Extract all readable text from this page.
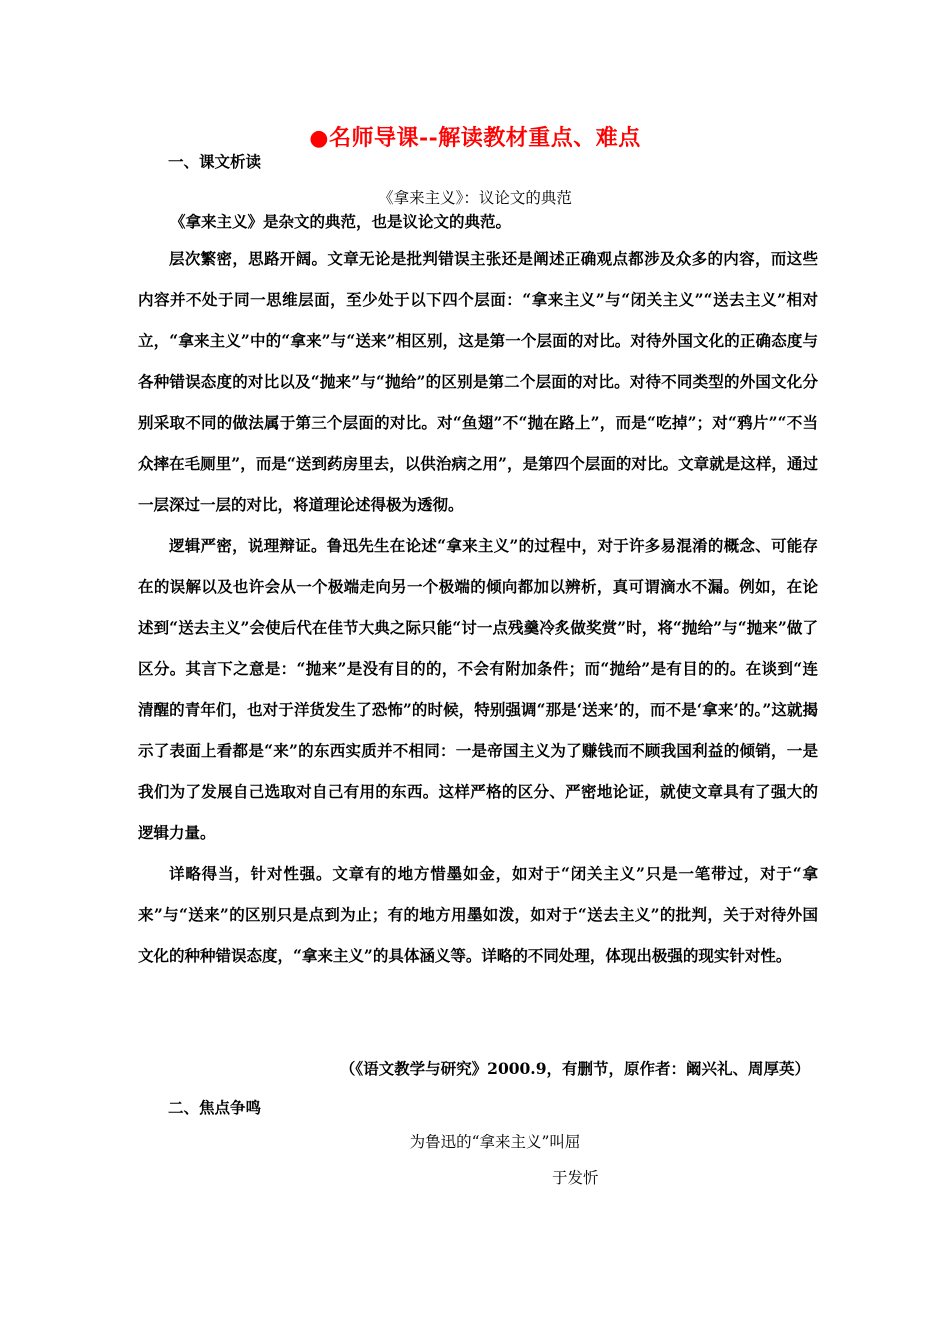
●名师导课--解读教材重点、难点
一、课文析读
《拿来主义》：议论文的典范
《拿来主义》是杂文的典范，也是议论文的典范。

层次繁密，思路开阔。文章无论是批判错误主张还是阐述正确观点都涉及众多的内容，而这些内容并不处于同一思维层面，至少处于以下四个层面：“拿来主义”与“闭关主义”“送去主义”相对立，“拿来主义”中的“拿来”与“送来”相区别，这是第一个层面的对比。对待外国文化的正确态度与各种错误态度的对比以及“抛来”与“抛给”的区别是第二个层面的对比。对待不同类型的外国文化分别采取不同的做法属于第三个层面的对比。对“鱼翅”不“抛在路上”，而是“吃掉”；对“鸦片”“不当众摔在毛厕里”，而是“送到药房里去，以供治病之用”，是第四个层面的对比。文章就是这样，通过一层深过一层的对比，将道理论述得极为透彻。

逻辑严密，说理辩证。鲁迅先生在论述“拿来主义”的过程中，对于许多易混淆的概念、可能存在的误解以及也许会从一个极端走向另一个极端的倾向都加以辨析，真可谓滴水不漏。例如，在论述到“送去主义”会使后代在佳节大典之际只能“讨一点残羹冷炙做奖赏”时，将“抛给”与“抛来”做了区分。其言下之意是：“抛来”是没有目的的，不会有附加条件；而“抛给”是有目的的。在谈到“连清醒的青年们，也对于洋货发生了恐怖”的时候，特别强调“那是‘送来’的，而不是‘拿来’的。”这就揭示了表面上看都是“来”的东西实质并不相同：一是帝国主义为了赚钱而不顾我国利益的倾销，一是我们为了发展自己选取对自己有用的东西。这样严格的区分、严密地论证，就使文章具有了强大的逻辑力量。

详略得当，针对性强。文章有的地方惜墨如金，如对于“闭关主义”只是一笔带过，对于“拿来”与“送来”的区别只是点到为止；有的地方用墨如泼，如对于“送去主义”的批判，关于对待外国文化的种种错误态度，“拿来主义”的具体涵义等。详略的不同处理，体现出极强的现实针对性。

（《语文教学与研究》2000.9，有删节，原作者：阚兴礼、周厚英）
二、焦点争鸣
为鲁迅的“拿来主义”叫屈
于发忻
